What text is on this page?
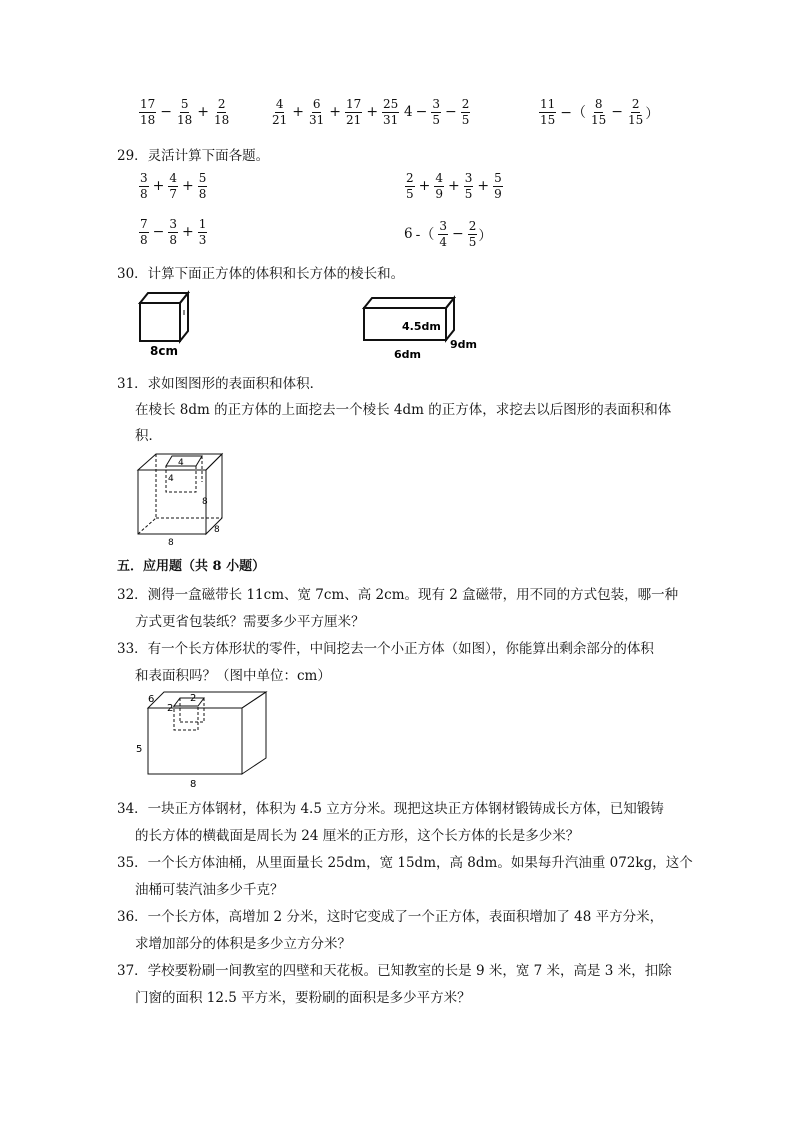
$\frac{17}{18} - \frac{5}{18} + \frac{2}{18}$	$\frac{4}{21} + \frac{6}{31} + \frac{17}{21} + \frac{25}{31} 4 - \frac{3}{5} - \frac{2}{5}$	$\frac{11}{15}$ −（ $\frac{8}{15} - \frac{2}{15}$ ）
29．灵活计算下面各题。
$\frac{3}{8} + \frac{4}{7} + \frac{5}{8}$	$\frac{2}{5} + \frac{4}{9} + \frac{3}{5} + \frac{5}{9}$
$\frac{7}{8} - \frac{3}{8} + \frac{1}{3}$	6 -（ $\frac{3}{4} - \frac{2}{5}$ ）
30．计算下面正方体的体积和长方体的棱长和。
8cm
4.5dm
6dm
9dm
31．求如图图形的表面积和体积．
在棱长 8dm 的正方体的上面挖去一个棱长 4dm 的正方体，求挖去以后图形的表面积和体
积．
4
4
8
8
8
五．应用题（共 8 小题）
32．测得一盒磁带长 11cm、宽 7cm、高 2cm。现有 2 盒磁带，用不同的方式包装，哪一种
方式更省包装纸？需要多少平方厘米？
33．有一个长方体形状的零件，中间挖去一个小正方体（如图），你能算出剩余部分的体积
和表面积吗？（图中单位：cm）
6	2
2
5
8
34．一块正方体钢材，体积为 4.5 立方分米。现把这块正方体钢材锻铸成长方体，已知锻铸
的长方体的横截面是周长为 24 厘米的正方形，这个长方体的长是多少米？
35．一个长方体油桶，从里面量长 25dm，宽 15dm，高 8dm。如果每升汽油重 072kg，这个
油桶可装汽油多少千克？
36．一个长方体，高增加 2 分米，这时它变成了一个正方体，表面积增加了 48 平方分米，
求增加部分的体积是多少立方分米？
37．学校要粉刷一间教室的四壁和天花板。已知教室的长是 9 米，宽 7 米，高是 3 米，扣除
门窗的面积 12.5 平方米，要粉刷的面积是多少平方米？
